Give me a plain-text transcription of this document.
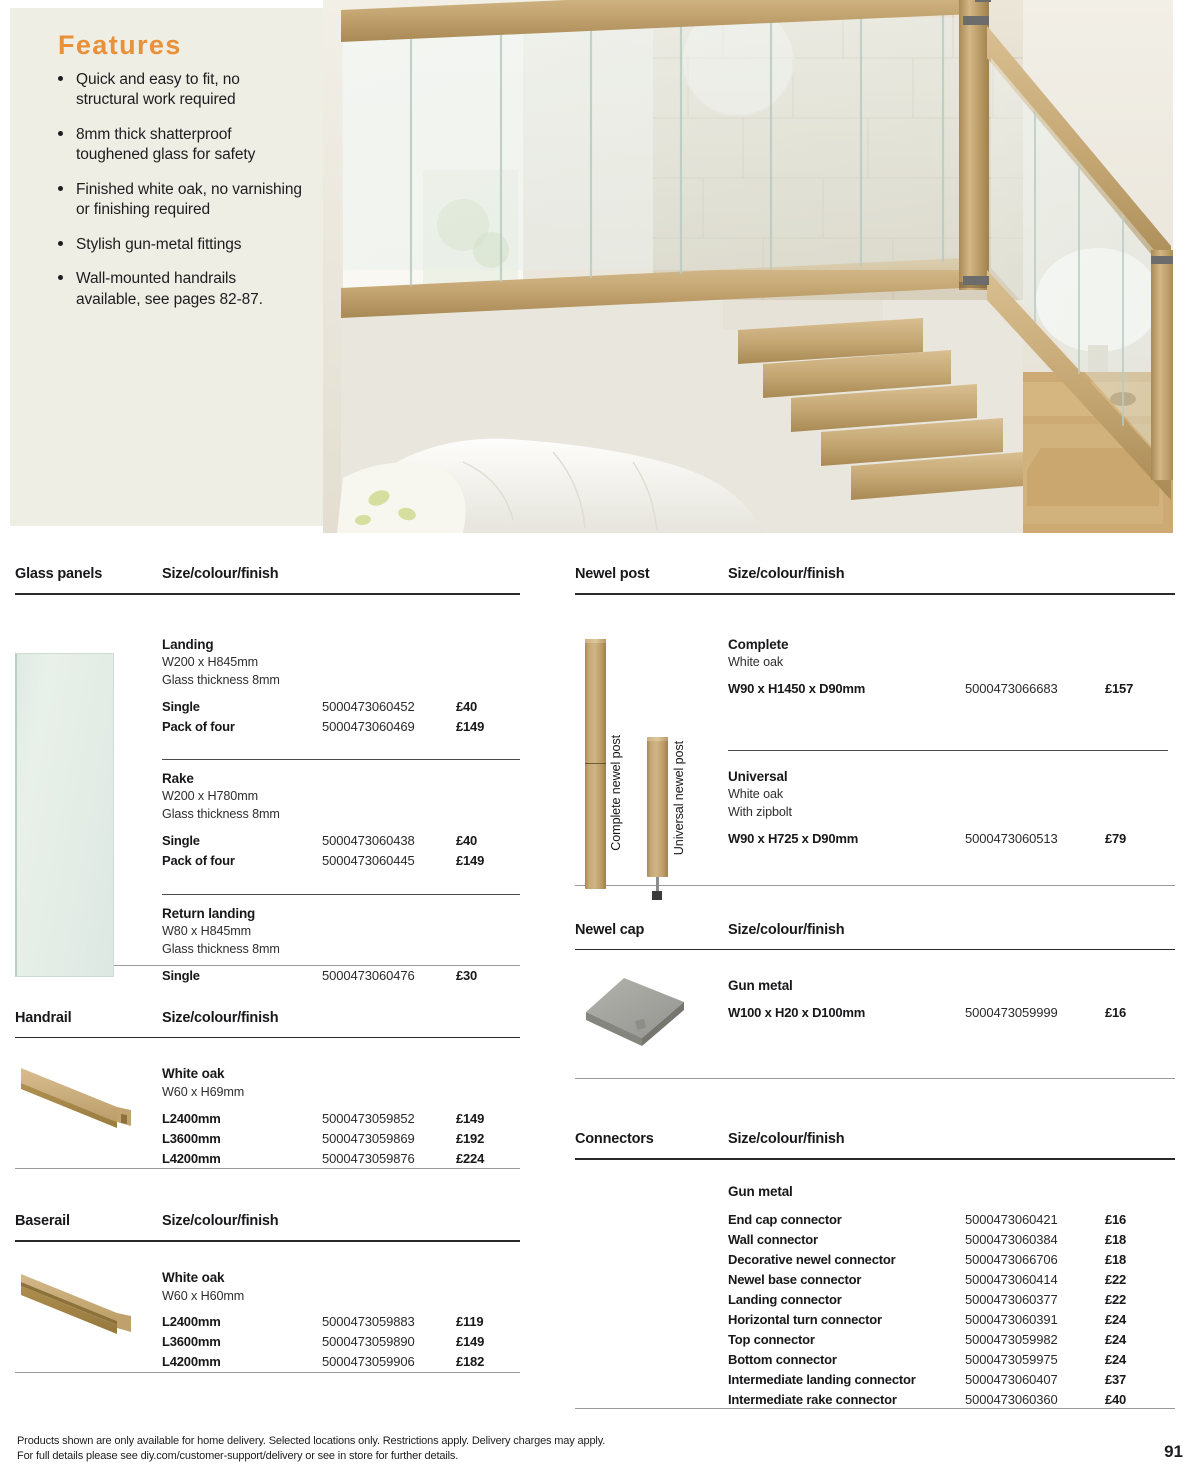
Features
Quick and easy to fit, no structural work required
8mm thick shatterproof toughened glass for safety
Finished white oak, no varnishing or finishing required
Stylish gun-metal fittings
Wall-mounted handrails available, see pages 82-87.
Glass panels	Size/colour/finish
Landing
W200 x H845mm
Glass thickness 8mm
Single	5000473060452	£40
Pack of four	5000473060469	£149
Rake
W200 x H780mm
Glass thickness 8mm
Single	5000473060438	£40
Pack of four	5000473060445	£149
Return landing
W80 x H845mm
Glass thickness 8mm
Single	5000473060476	£30
Handrail	Size/colour/finish
White oak
W60 x H69mm
L2400mm	5000473059852	£149
L3600mm	5000473059869	£192
L4200mm	5000473059876	£224
Baserail	Size/colour/finish
White oak
W60 x H60mm
L2400mm	5000473059883	£119
L3600mm	5000473059890	£149
L4200mm	5000473059906	£182
Newel post	Size/colour/finish
Complete newel post	Universal newel post
Complete
White oak
W90 x H1450 x D90mm	5000473066683	£157
Universal
White oak
With zipbolt
W90 x H725 x D90mm	5000473060513	£79
Newel cap	Size/colour/finish
Gun metal
W100 x H20 x D100mm	5000473059999	£16
Connectors	Size/colour/finish
Gun metal
End cap connector	5000473060421	£16
Wall connector	5000473060384	£18
Decorative newel connector	5000473066706	£18
Newel base connector	5000473060414	£22
Landing connector	5000473060377	£22
Horizontal turn connector	5000473060391	£24
Top connector	5000473059982	£24
Bottom connector	5000473059975	£24
Intermediate landing connector	5000473060407	£37
Intermediate rake connector	5000473060360	£40
Products shown are only available for home delivery. Selected locations only. Restrictions apply. Delivery charges may apply.
For full details please see diy.com/customer-support/delivery or see in store for further details.	91
